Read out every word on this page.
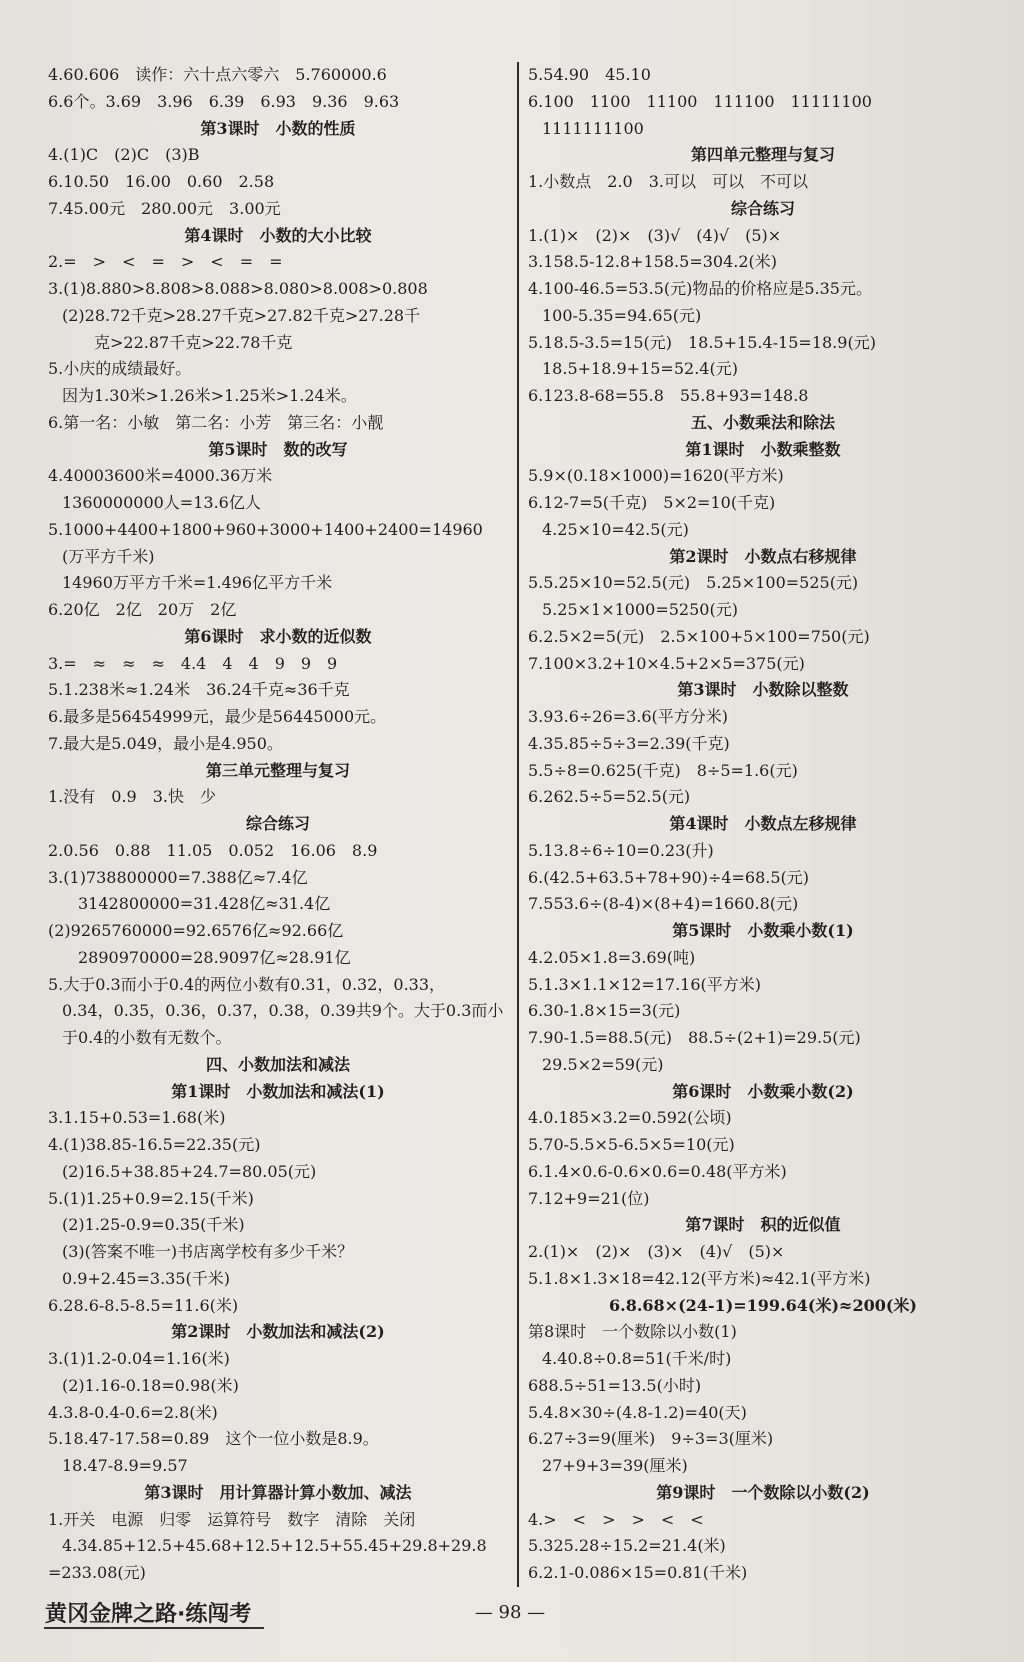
4.60.606　读作：六十点六零六　5.760000.6
6.6个。3.69　3.96　6.39　6.93　9.36　9.63
第3课时　小数的性质
4.(1)C　(2)C　(3)B
6.10.50　16.00　0.60　2.58
7.45.00元　280.00元　3.00元
第4课时　小数的大小比较
2.=　>　<　=　>　<　=　=
3.(1)8.880>8.808>8.088>8.080>8.008>0.808
(2)28.72千克>28.27千克>27.82千克>27.28千
克>22.87千克>22.78千克
5.小庆的成绩最好。
因为1.30米>1.26米>1.25米>1.24米。
6.第一名：小敏　第二名：小芳　第三名：小靓
第5课时　数的改写
4.40003600米=4000.36万米
1360000000人=13.6亿人
5.1000+4400+1800+960+3000+1400+2400=14960
(万平方千米)
14960万平方千米=1.496亿平方千米
6.20亿　2亿　20万　2亿
第6课时　求小数的近似数
3.=　≈　≈　≈　4.4　4　4　9　9　9
5.1.238米≈1.24米　36.24千克≈36千克
6.最多是56454999元，最少是56445000元。
7.最大是5.049，最小是4.950。
第三单元整理与复习
1.没有　0.9　3.快　少
综合练习
2.0.56　0.88　11.05　0.052　16.06　8.9
3.(1)738800000=7.388亿≈7.4亿
3142800000=31.428亿≈31.4亿
(2)9265760000=92.6576亿≈92.66亿
2890970000=28.9097亿≈28.91亿
5.大于0.3而小于0.4的两位小数有0.31，0.32，0.33，
0.34，0.35，0.36，0.37，0.38，0.39共9个。大于0.3而小
于0.4的小数有无数个。
四、小数加法和减法
第1课时　小数加法和减法(1)
3.1.15+0.53=1.68(米)
4.(1)38.85-16.5=22.35(元)
(2)16.5+38.85+24.7=80.05(元)
5.(1)1.25+0.9=2.15(千米)
(2)1.25-0.9=0.35(千米)
(3)(答案不唯一)书店离学校有多少千米？
0.9+2.45=3.35(千米)
6.28.6-8.5-8.5=11.6(米)
第2课时　小数加法和减法(2)
3.(1)1.2-0.04=1.16(米)
(2)1.16-0.18=0.98(米)
4.3.8-0.4-0.6=2.8(米)
5.18.47-17.58=0.89　这个一位小数是8.9。
18.47-8.9=9.57
第3课时　用计算器计算小数加、减法
1.开关　电源　归零　运算符号　数字　清除　关闭
4.34.85+12.5+45.68+12.5+12.5+55.45+29.8+29.8
=233.08(元)
5.54.90　45.10
6.100　1100　11100　111100　11111100
1111111100
第四单元整理与复习
1.小数点　2.0　3.可以　可以　不可以
综合练习
1.(1)×　(2)×　(3)√　(4)√　(5)×
3.158.5-12.8+158.5=304.2(米)
4.100-46.5=53.5(元)物品的价格应是5.35元。
100-5.35=94.65(元)
5.18.5-3.5=15(元)　18.5+15.4-15=18.9(元)
18.5+18.9+15=52.4(元)
6.123.8-68=55.8　55.8+93=148.8
五、小数乘法和除法
第1课时　小数乘整数
5.9×(0.18×1000)=1620(平方米)
6.12-7=5(千克)　5×2=10(千克)
4.25×10=42.5(元)
第2课时　小数点右移规律
5.5.25×10=52.5(元)　5.25×100=525(元)
5.25×1×1000=5250(元)
6.2.5×2=5(元)　2.5×100+5×100=750(元)
7.100×3.2+10×4.5+2×5=375(元)
第3课时　小数除以整数
3.93.6÷26=3.6(平方分米)
4.35.85÷5÷3=2.39(千克)
5.5÷8=0.625(千克)　8÷5=1.6(元)
6.262.5÷5=52.5(元)
第4课时　小数点左移规律
5.13.8÷6÷10=0.23(升)
6.(42.5+63.5+78+90)÷4=68.5(元)
7.553.6÷(8-4)×(8+4)=1660.8(元)
第5课时　小数乘小数(1)
4.2.05×1.8=3.69(吨)
5.1.3×1.1×12=17.16(平方米)
6.30-1.8×15=3(元)
7.90-1.5=88.5(元)　88.5÷(2+1)=29.5(元)
29.5×2=59(元)
第6课时　小数乘小数(2)
4.0.185×3.2=0.592(公顷)
5.70-5.5×5-6.5×5=10(元)
6.1.4×0.6-0.6×0.6=0.48(平方米)
7.12+9=21(位)
第7课时　积的近似值
2.(1)×　(2)×　(3)×　(4)√　(5)×
5.1.8×1.3×18=42.12(平方米)≈42.1(平方米)
6.8.68×(24-1)=199.64(米)≈200(米)
第8课时　一个数除以小数(1)
4.40.8÷0.8=51(千米/时)
688.5÷51=13.5(小时)
5.4.8×30÷(4.8-1.2)=40(天)
6.27÷3=9(厘米)　9÷3=3(厘米)
27+9+3=39(厘米)
第9课时　一个数除以小数(2)
4.>　<　>　>　<　<
5.325.28÷15.2=21.4(米)
6.2.1-0.086×15=0.81(千米)
黄冈金牌之路·练闯考	— 98 —
